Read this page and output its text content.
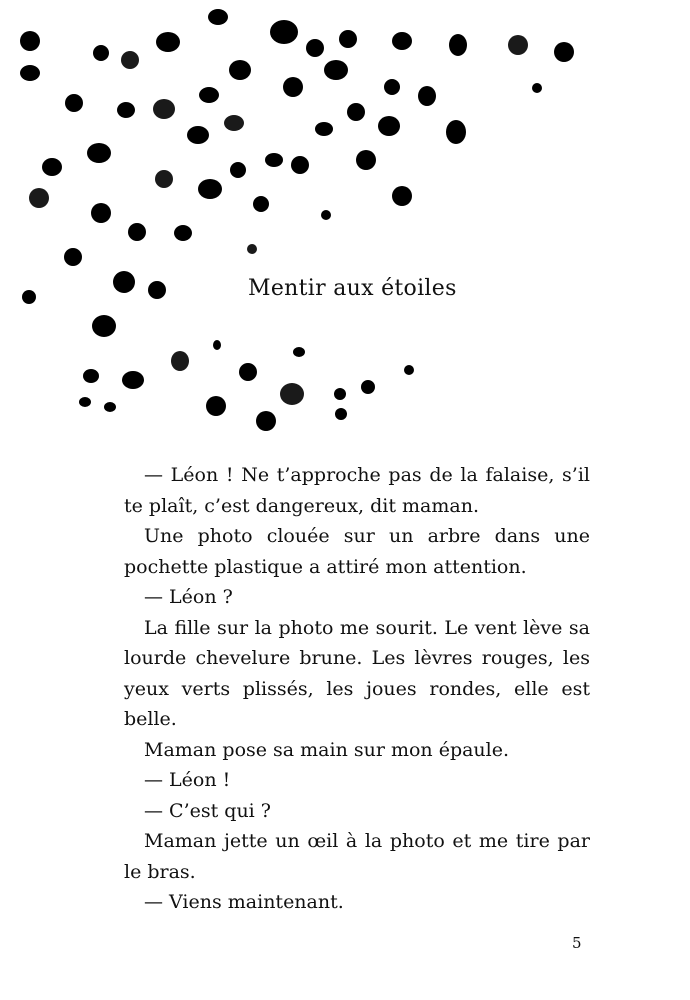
Mentir aux étoiles

— Léon ! Ne t’approche pas de la falaise, s’il te plaît, c’est dangereux, dit maman.

Une photo clouée sur un arbre dans une pochette plastique a attiré mon attention.

— Léon ?

La fille sur la photo me sourit. Le vent lève sa lourde chevelure brune. Les lèvres rouges, les yeux verts plissés, les joues rondes, elle est belle.

Maman pose sa main sur mon épaule.

— Léon !

— C’est qui ?

Maman jette un œil à la photo et me tire par le bras.

— Viens maintenant.

5
